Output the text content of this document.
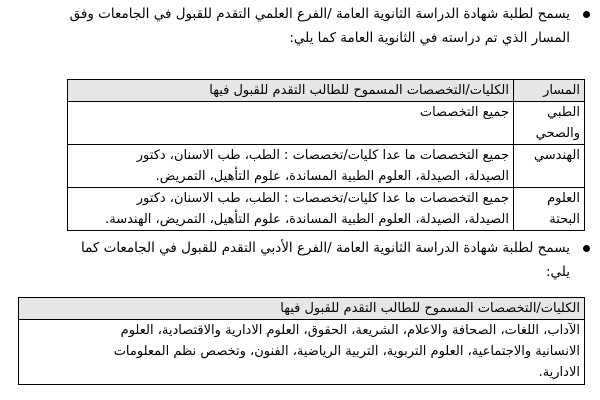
يسمح لطلبة شهادة الدراسة الثانوية العامة /الفرع العلمي التقدم للقبول في الجامعات وفق
المسار الذي تم دراسته في الثانوية العامة كما يلي:
المسار	الكليات/التخصصات المسموح للطالب التقدم للقبول فيها

الطبي
والصحي	جميع التخصصات

الهندسي	جميع التخصصات ما عدا كليات/تخصصات : الطب، طب الاسنان، دكتور
الصيدلة، الصيدلة، العلوم الطبية المساندة، علوم التأهيل، التمريض.

العلوم البحتة	جميع التخصصات ما عدا كليات/تخصصات : الطب، طب الاسنان، دكتور
الصيدلة، الصيدلة، العلوم الطبية المساندة، علوم التأهيل، التمريض، الهندسة.
يسمح لطلبة شهادة الدراسة الثانوية العامة /الفرع الأدبي التقدم للقبول في الجامعات كما
يلي:
الكليات/التخصصات المسموح للطالب التقدم للقبول فيها

الآداب، اللغات، الصحافة والاعلام، الشريعة، الحقوق، العلوم الادارية والاقتصادية، العلوم
الانسانية والاجتماعية، العلوم التربوية، التربية الرياضية، الفنون، وتخصص نظم المعلومات
الادارية.
